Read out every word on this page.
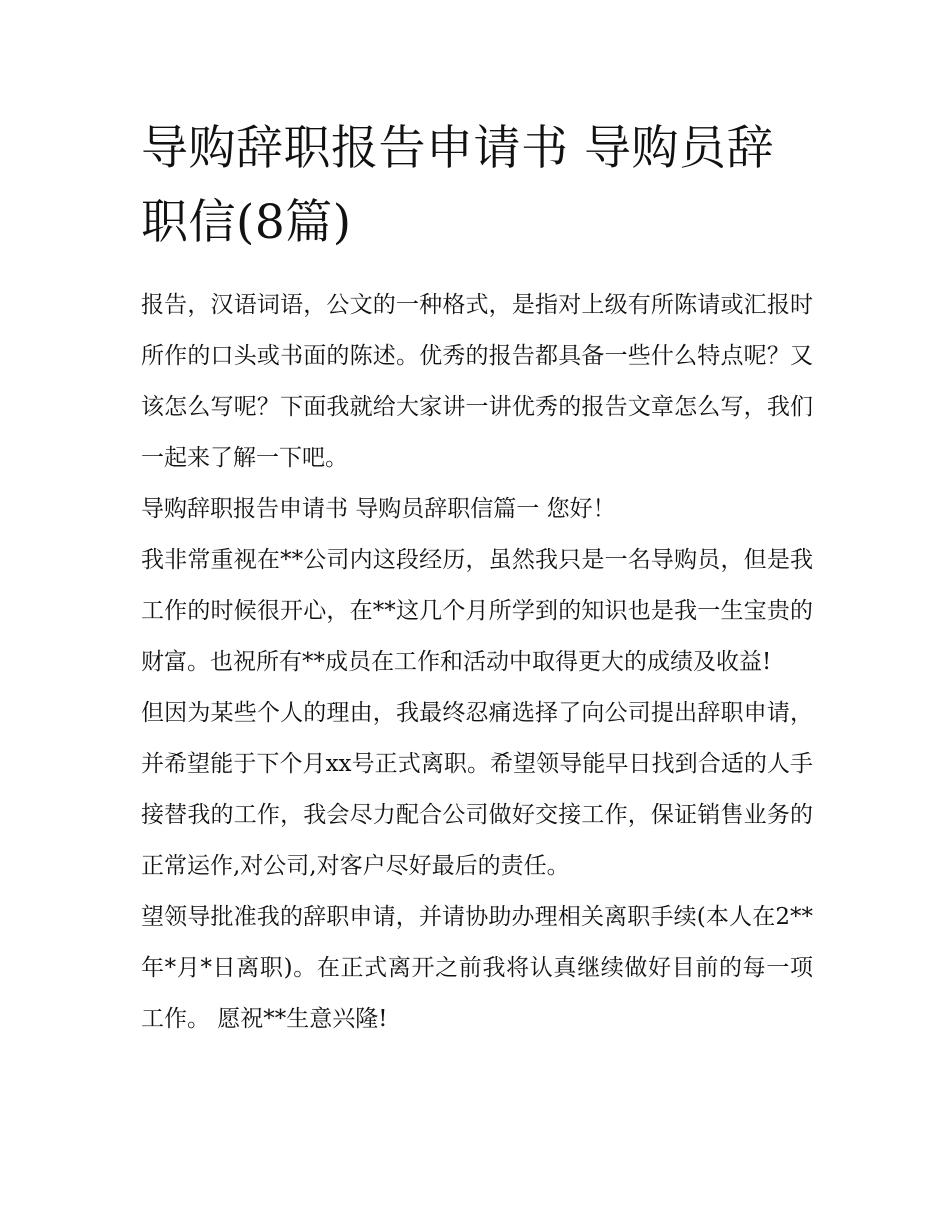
导购辞职报告申请书 导购员辞职信(8篇)

报告，汉语词语，公文的一种格式，是指对上级有所陈请或汇报时所作的口头或书面的陈述。优秀的报告都具备一些什么特点呢？又该怎么写呢？下面我就给大家讲一讲优秀的报告文章怎么写，我们一起来了解一下吧。

导购辞职报告申请书 导购员辞职信篇一 您好！

我非常重视在**公司内这段经历，虽然我只是一名导购员，但是我工作的时候很开心，在**这几个月所学到的知识也是我一生宝贵的财富。也祝所有**成员在工作和活动中取得更大的成绩及收益!

但因为某些个人的理由，我最终忍痛选择了向公司提出辞职申请，并希望能于下个月xx号正式离职。希望领导能早日找到合适的人手接替我的工作，我会尽力配合公司做好交接工作，保证销售业务的正常运作,对公司,对客户尽好最后的责任。

望领导批准我的辞职申请，并请协助办理相关离职手续(本人在2**年*月*日离职)。在正式离开之前我将认真继续做好目前的每一项工作。 愿祝**生意兴隆!
